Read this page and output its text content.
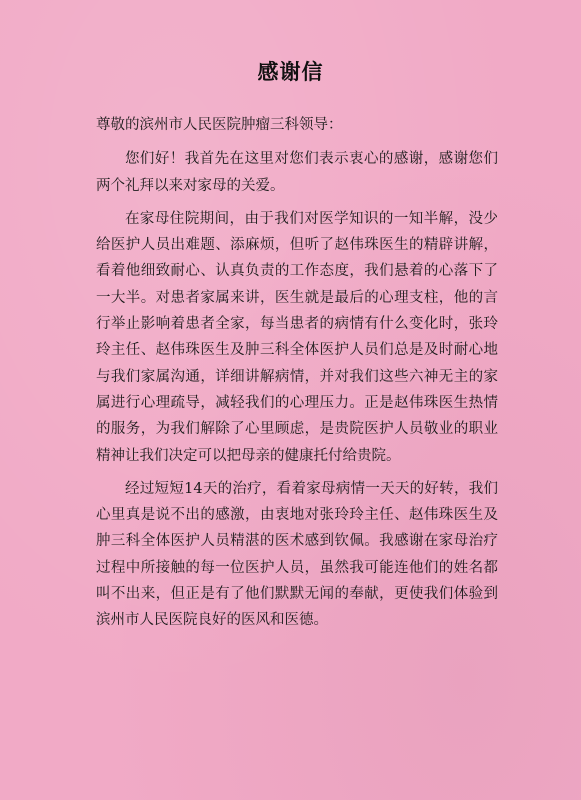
感谢信

尊敬的滨州市人民医院肿瘤三科领导：

您们好！我首先在这里对您们表示衷心的感谢，感谢您们两个礼拜以来对家母的关爱。

在家母住院期间，由于我们对医学知识的一知半解，没少给医护人员出难题、添麻烦，但听了赵伟珠医生的精辟讲解，看着他细致耐心、认真负责的工作态度，我们悬着的心落下了一大半。对患者家属来讲，医生就是最后的心理支柱，他的言行举止影响着患者全家，每当患者的病情有什么变化时，张玲玲主任、赵伟珠医生及肿三科全体医护人员们总是及时耐心地与我们家属沟通，详细讲解病情，并对我们这些六神无主的家属进行心理疏导，减轻我们的心理压力。正是赵伟珠医生热情的服务，为我们解除了心里顾虑，是贵院医护人员敬业的职业精神让我们决定可以把母亲的健康托付给贵院。

经过短短14天的治疗，看着家母病情一天天的好转，我们心里真是说不出的感激，由衷地对张玲玲主任、赵伟珠医生及肿三科全体医护人员精湛的医术感到钦佩。我感谢在家母治疗过程中所接触的每一位医护人员，虽然我可能连他们的姓名都叫不出来，但正是有了他们默默无闻的奉献，更使我们体验到滨州市人民医院良好的医风和医德。
